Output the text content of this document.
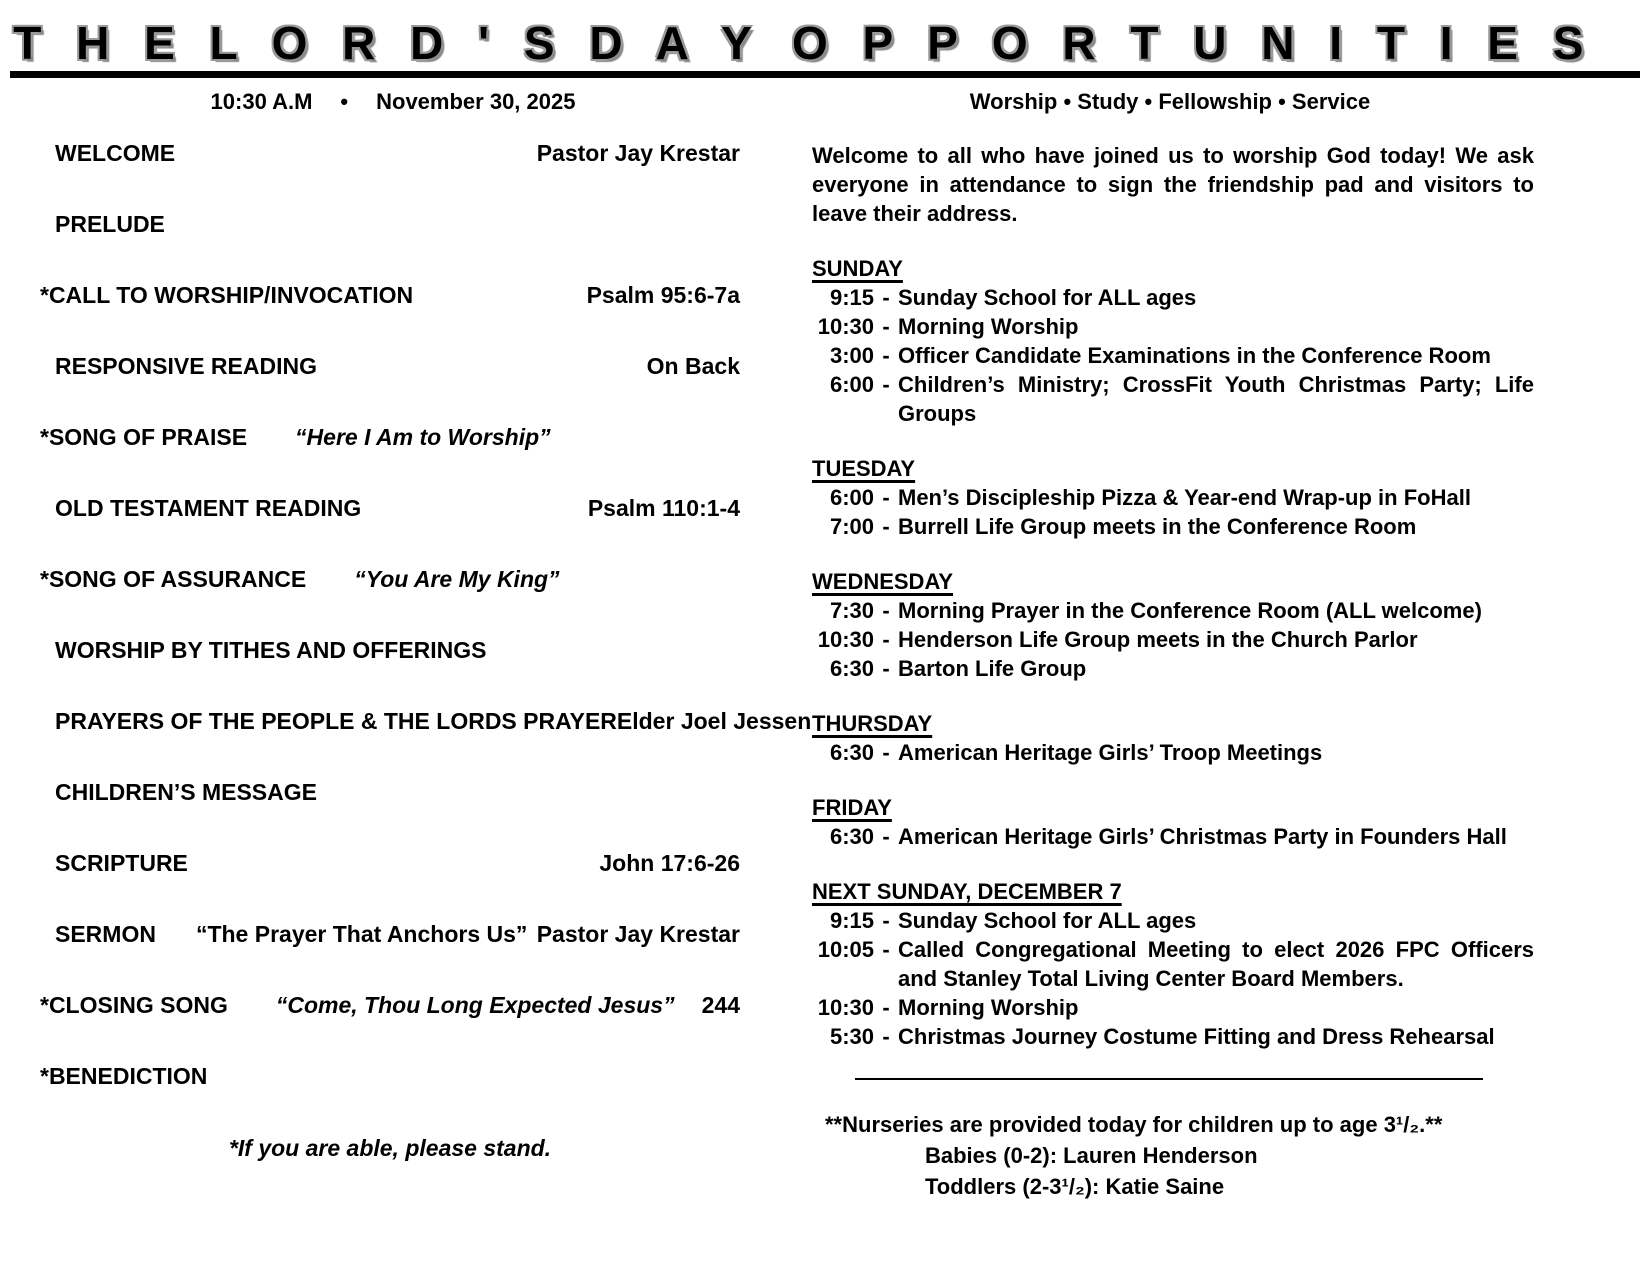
T H E L O R D ' S D A Y O P P O R T U N I T I E S
10:30 A.M • November 30, 2025	Worship • Study • Fellowship • Service
WELCOME	Pastor Jay Krestar
PRELUDE
*CALL TO WORSHIP/INVOCATION	Psalm 95:6-7a
RESPONSIVE READING	On Back
*SONG OF PRAISE “Here I Am to Worship”
OLD TESTAMENT READING	Psalm 110:1-4
*SONG OF ASSURANCE “You Are My King”
WORSHIP BY TITHES AND OFFERINGS
PRAYERS OF THE PEOPLE & THE LORDS PRAYER Elder Joel Jessen
CHILDREN’S MESSAGE
SCRIPTURE	John 17:6-26
SERMON “The Prayer That Anchors Us” Pastor Jay Krestar
*CLOSING SONG “Come, Thou Long Expected Jesus” 244
*BENEDICTION
*If you are able, please stand.
Welcome to all who have joined us to worship God today! We ask everyone in attendance to sign the friendship pad and visitors to leave their address.
SUNDAY
9:15 - Sunday School for ALL ages
10:30 - Morning Worship
3:00 - Officer Candidate Examinations in the Conference Room
6:00 - Children’s Ministry; CrossFit Youth Christmas Party; Life Groups
TUESDAY
6:00 - Men’s Discipleship Pizza & Year-end Wrap-up in FoHall
7:00 - Burrell Life Group meets in the Conference Room
WEDNESDAY
7:30 - Morning Prayer in the Conference Room (ALL welcome)
10:30 - Henderson Life Group meets in the Church Parlor
6:30 - Barton Life Group
THURSDAY
6:30 - American Heritage Girls’ Troop Meetings
FRIDAY
6:30 - American Heritage Girls’ Christmas Party in Founders Hall
NEXT SUNDAY, DECEMBER 7
9:15 - Sunday School for ALL ages
10:05 - Called Congregational Meeting to elect 2026 FPC Officers and Stanley Total Living Center Board Members.
10:30 - Morning Worship
5:30 - Christmas Journey Costume Fitting and Dress Rehearsal
**Nurseries are provided today for children up to age 3¹/₂.**
Babies (0-2): Lauren Henderson
Toddlers (2-3¹/₂): Katie Saine
